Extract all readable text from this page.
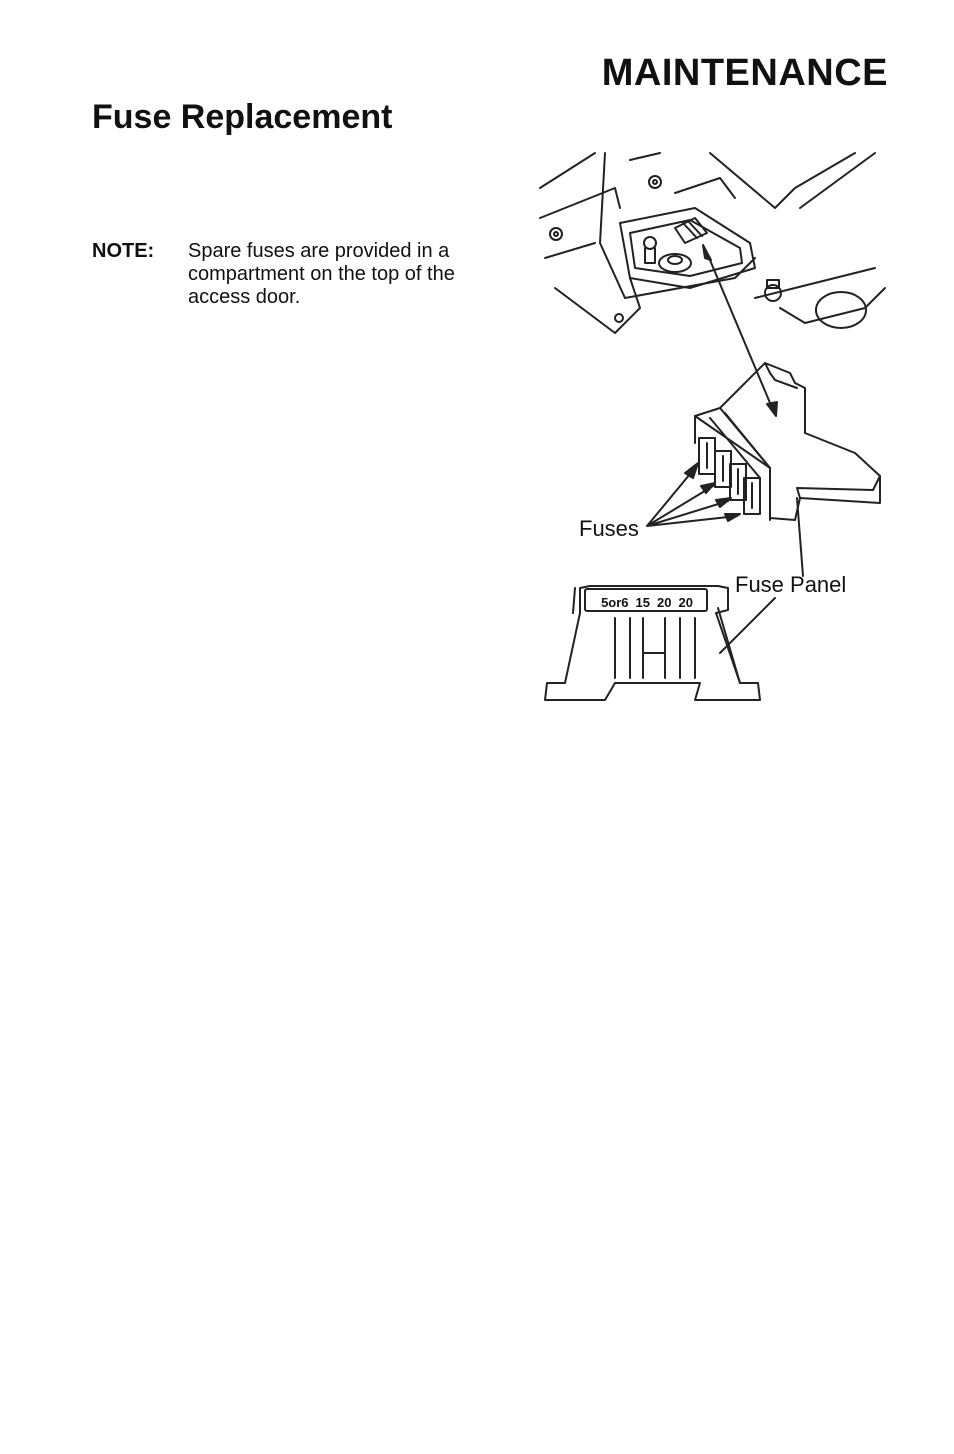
MAINTENANCE
Fuse Replacement
NOTE: Spare fuses are provided in a compartment on the top of the access door.
5or6 15 20 20
Fuses
Fuse Panel
